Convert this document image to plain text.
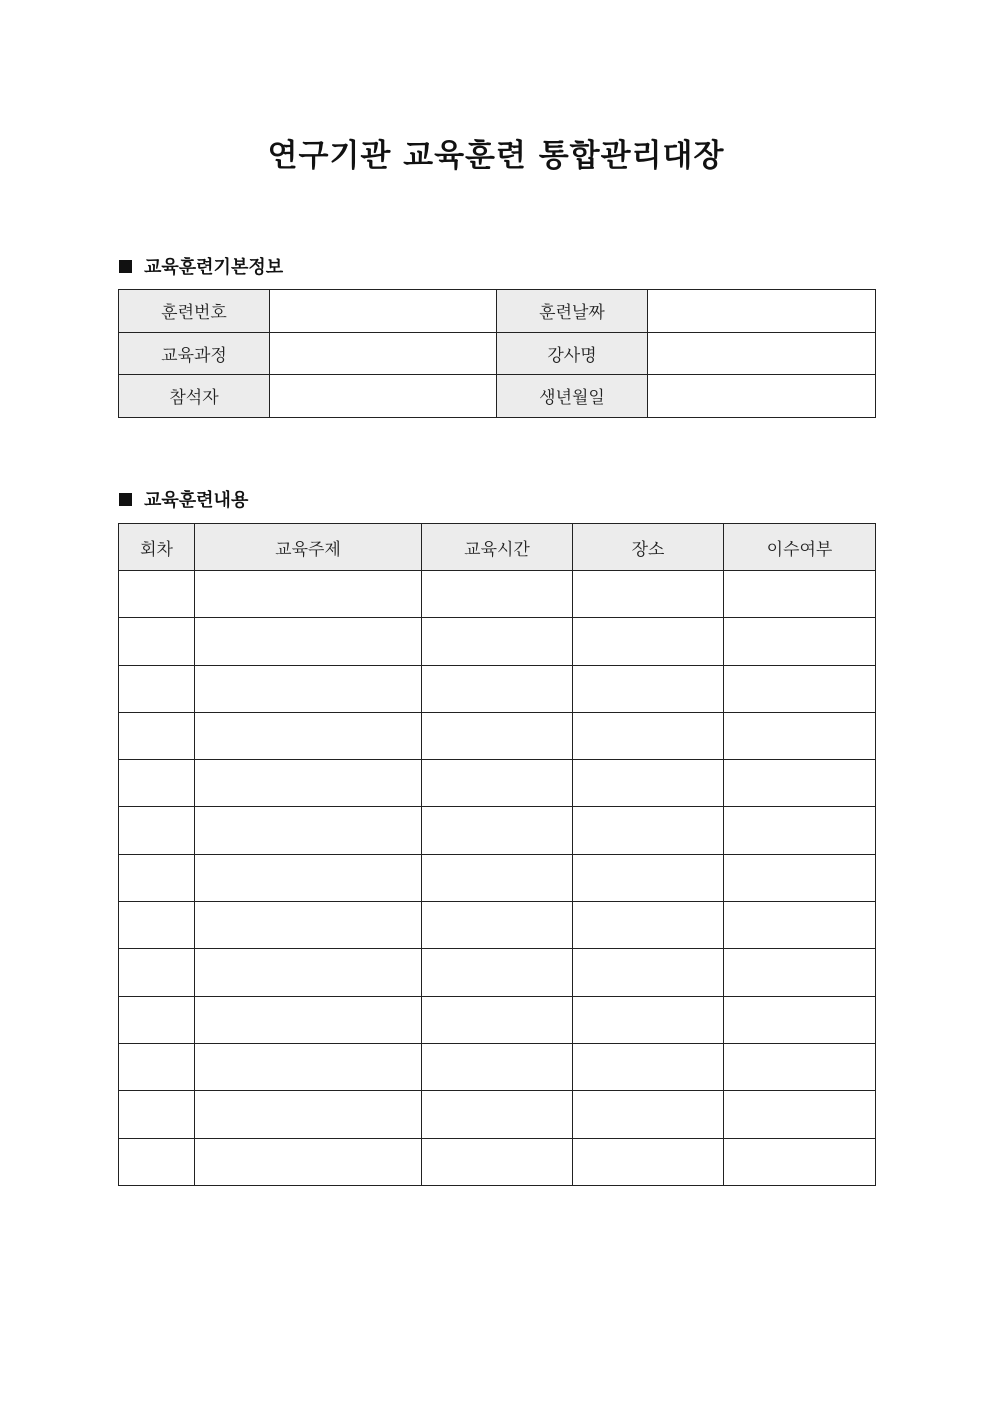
연구기관 교육훈련 통합관리대장
교육훈련기본정보
훈련번호		훈련날짜	
교육과정		강사명	
참석자		생년월일	
교육훈련내용
회차	교육주제	교육시간	장소	이수여부
